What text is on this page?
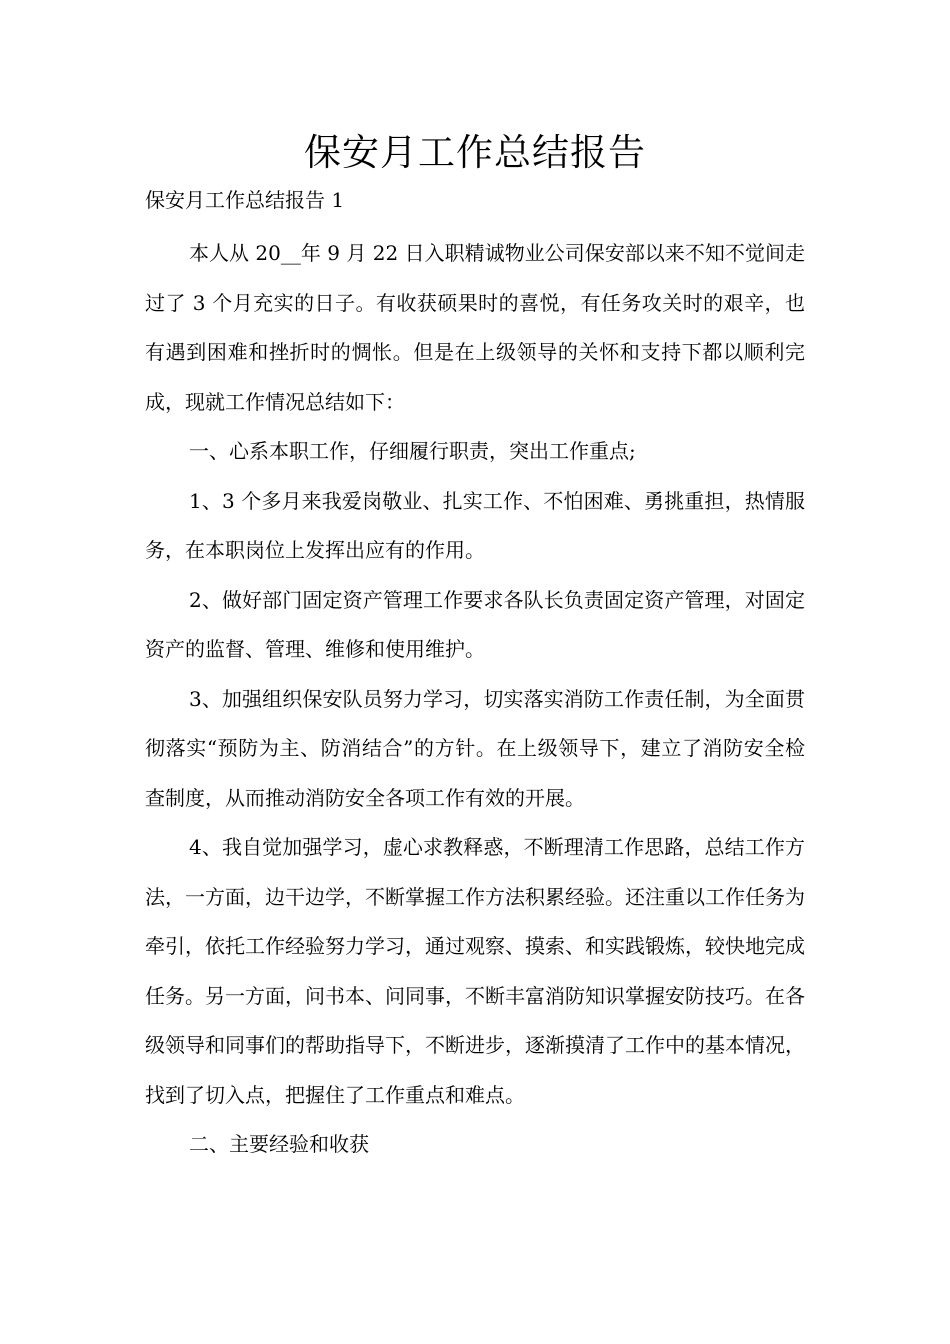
保安月工作总结报告

保安月工作总结报告 1

本人从 20__年 9 月 22 日入职精诚物业公司保安部以来不知不觉间走过了 3 个月充实的日子。有收获硕果时的喜悦，有任务攻关时的艰辛，也有遇到困难和挫折时的惆怅。但是在上级领导的关怀和支持下都以顺利完成，现就工作情况总结如下：

一、心系本职工作，仔细履行职责，突出工作重点;

1、3 个多月来我爱岗敬业、扎实工作、不怕困难、勇挑重担，热情服务，在本职岗位上发挥出应有的作用。

2、做好部门固定资产管理工作要求各队长负责固定资产管理，对固定资产的监督、管理、维修和使用维护。

3、加强组织保安队员努力学习，切实落实消防工作责任制，为全面贯彻落实“预防为主、防消结合”的方针。在上级领导下，建立了消防安全检查制度，从而推动消防安全各项工作有效的开展。

4、我自觉加强学习，虚心求教释惑，不断理清工作思路，总结工作方法，一方面，边干边学，不断掌握工作方法积累经验。还注重以工作任务为牵引，依托工作经验努力学习，通过观察、摸索、和实践锻炼，较快地完成任务。另一方面，问书本、问同事，不断丰富消防知识掌握安防技巧。在各级领导和同事们的帮助指导下，不断进步，逐渐摸清了工作中的基本情况，找到了切入点，把握住了工作重点和难点。

二、主要经验和收获
